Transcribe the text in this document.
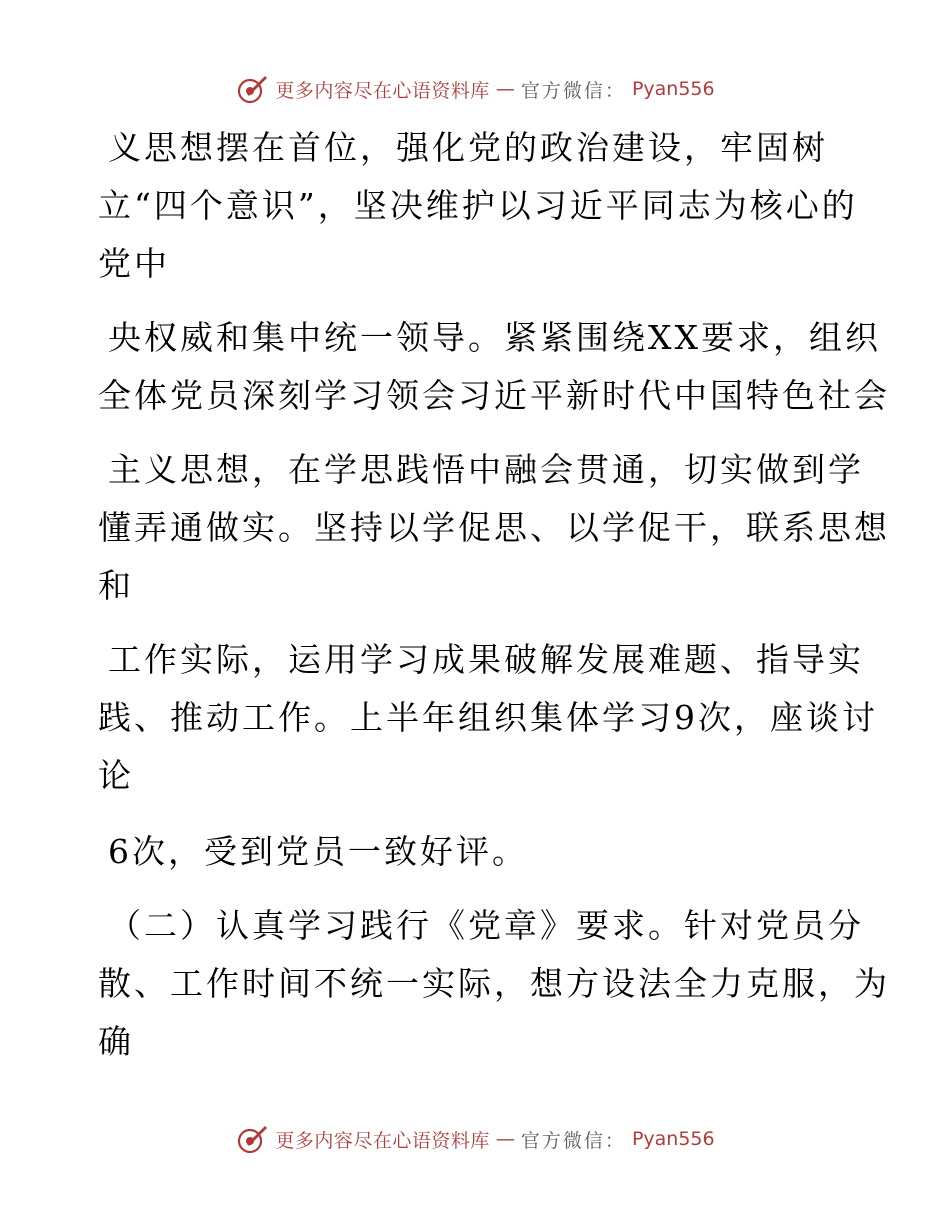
更多内容尽在心语资料库 — 官方微信： Pyan556
义思想摆在首位，强化党的政治建设，牢固树
立“四个意识”，坚决维护以习近平同志为核心的
党中
央权威和集中统一领导。紧紧围绕XX要求，组织
全体党员深刻学习领会习近平新时代中国特色社会
主义思想，在学思践悟中融会贯通，切实做到学
懂弄通做实。坚持以学促思、以学促干，联系思想
和
工作实际，运用学习成果破解发展难题、指导实
践、推动工作。上半年组织集体学习9次，座谈讨
论
6次，受到党员一致好评。
（二）认真学习践行《党章》要求。针对党员分
散、工作时间不统一实际，想方设法全力克服，为
确
更多内容尽在心语资料库 — 官方微信： Pyan556
